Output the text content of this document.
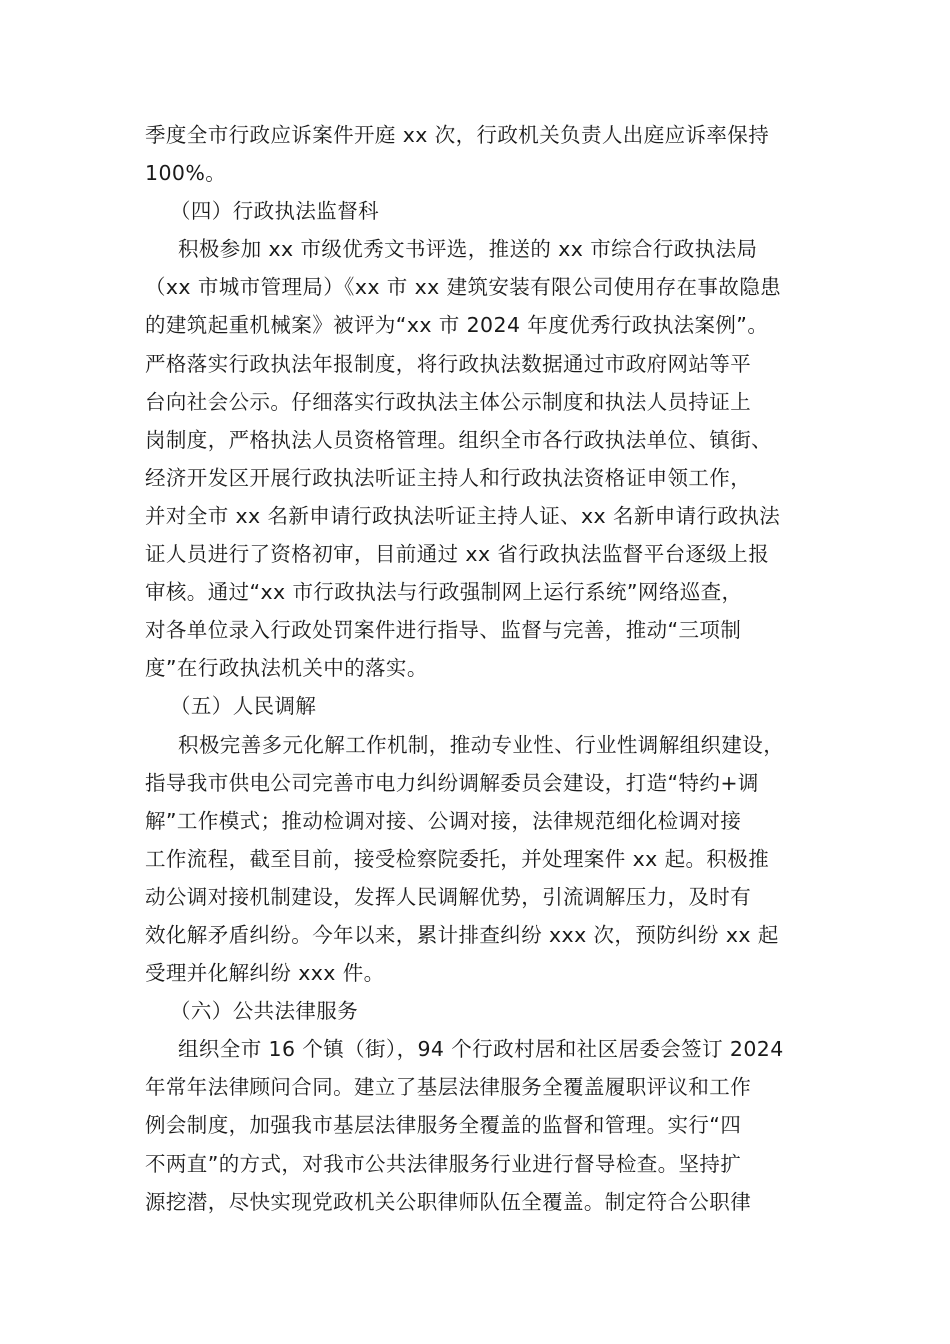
季度全市行政应诉案件开庭 xx 次，行政机关负责人出庭应诉率保持
100%。
（四）行政执法监督科
积极参加 xx 市级优秀文书评选，推送的 xx 市综合行政执法局
（xx 市城市管理局）《xx 市 xx 建筑安装有限公司使用存在事故隐患
的建筑起重机械案》被评为“xx 市 2024 年度优秀行政执法案例”。
严格落实行政执法年报制度，将行政执法数据通过市政府网站等平
台向社会公示。仔细落实行政执法主体公示制度和执法人员持证上
岗制度，严格执法人员资格管理。组织全市各行政执法单位、镇街、
经济开发区开展行政执法听证主持人和行政执法资格证申领工作，
并对全市 xx 名新申请行政执法听证主持人证、xx 名新申请行政执法
证人员进行了资格初审，目前通过 xx 省行政执法监督平台逐级上报
审核。通过“xx 市行政执法与行政强制网上运行系统”网络巡查，
对各单位录入行政处罚案件进行指导、监督与完善，推动“三项制
度”在行政执法机关中的落实。
（五）人民调解
积极完善多元化解工作机制，推动专业性、行业性调解组织建设，
指导我市供电公司完善市电力纠纷调解委员会建设，打造“特约+调
解”工作模式；推动检调对接、公调对接，法律规范细化检调对接
工作流程，截至目前，接受检察院委托，并处理案件 xx 起。积极推
动公调对接机制建设，发挥人民调解优势，引流调解压力，及时有
效化解矛盾纠纷。今年以来，累计排查纠纷 xxx 次，预防纠纷 xx 起
受理并化解纠纷 xxx 件。
（六）公共法律服务
组织全市 16 个镇（街），94 个行政村居和社区居委会签订 2024
年常年法律顾问合同。建立了基层法律服务全覆盖履职评议和工作
例会制度，加强我市基层法律服务全覆盖的监督和管理。实行“四
不两直”的方式，对我市公共法律服务行业进行督导检查。坚持扩
源挖潜，尽快实现党政机关公职律师队伍全覆盖。制定符合公职律
